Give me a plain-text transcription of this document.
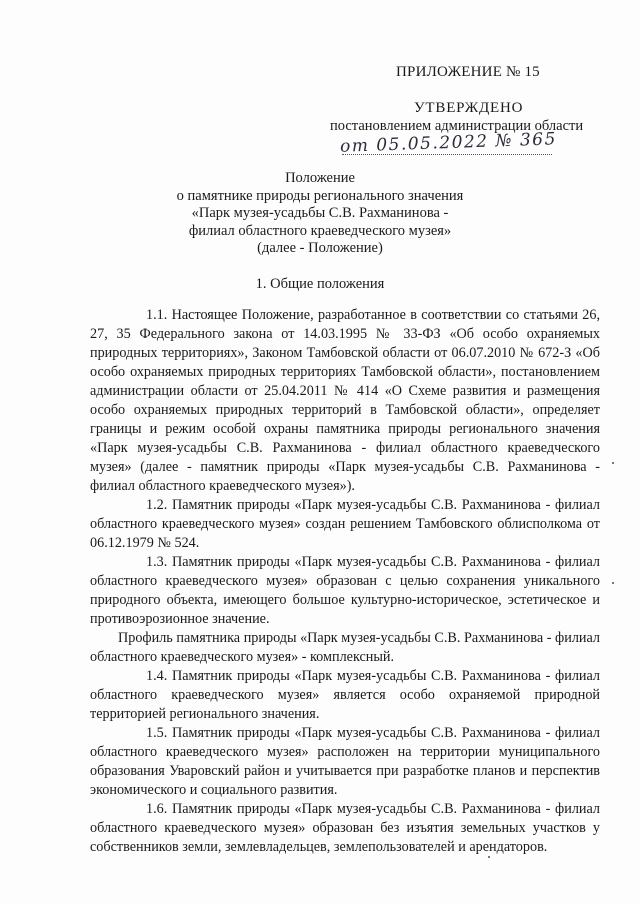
ПРИЛОЖЕНИЕ № 15
УТВЕРЖДЕНО
постановлением администрации области
от 05.05.2022 № 365
Положение
о памятнике природы регионального значения
«Парк музея-усадьбы С.В. Рахманинова -
филиал областного краеведческого музея»
(далее - Положение)
1. Общие положения

1.1. Настоящее Положение, разработанное в соответствии со статьями 26, 27, 35 Федерального закона от 14.03.1995 № 33-ФЗ «Об особо охраняемых природных территориях», Законом Тамбовской области от 06.07.2010 № 672-З «Об особо охраняемых природных территориях Тамбовской области», постановлением администрации области от 25.04.2011 № 414 «О Схеме развития и размещения особо охраняемых природных территорий в Тамбовской области», определяет границы и режим особой охраны памятника природы регионального значения «Парк музея-усадьбы С.В. Рахманинова - филиал областного краеведческого музея» (далее - памятник природы «Парк музея-усадьбы С.В. Рахманинова - филиал областного краеведческого музея»).

1.2. Памятник природы «Парк музея-усадьбы С.В. Рахманинова - филиал областного краеведческого музея» создан решением Тамбовского облисполкома от 06.12.1979 № 524.

1.3. Памятник природы «Парк музея-усадьбы С.В. Рахманинова - филиал областного краеведческого музея» образован с целью сохранения уникального природного объекта, имеющего большое культурно-историческое, эстетическое и противоэрозионное значение.

Профиль памятника природы «Парк музея-усадьбы С.В. Рахманинова - филиал областного краеведческого музея» - комплексный.

1.4. Памятник природы «Парк музея-усадьбы С.В. Рахманинова - филиал областного краеведческого музея» является особо охраняемой природной территорией регионального значения.

1.5. Памятник природы «Парк музея-усадьбы С.В. Рахманинова - филиал областного краеведческого музея» расположен на территории муниципального образования Уваровский район и учитывается при разработке планов и перспектив экономического и социального развития.

1.6. Памятник природы «Парк музея-усадьбы С.В. Рахманинова - филиал областного краеведческого музея» образован без изъятия земельных участков у собственников земли, землевладельцев, землепользователей и арендаторов.
